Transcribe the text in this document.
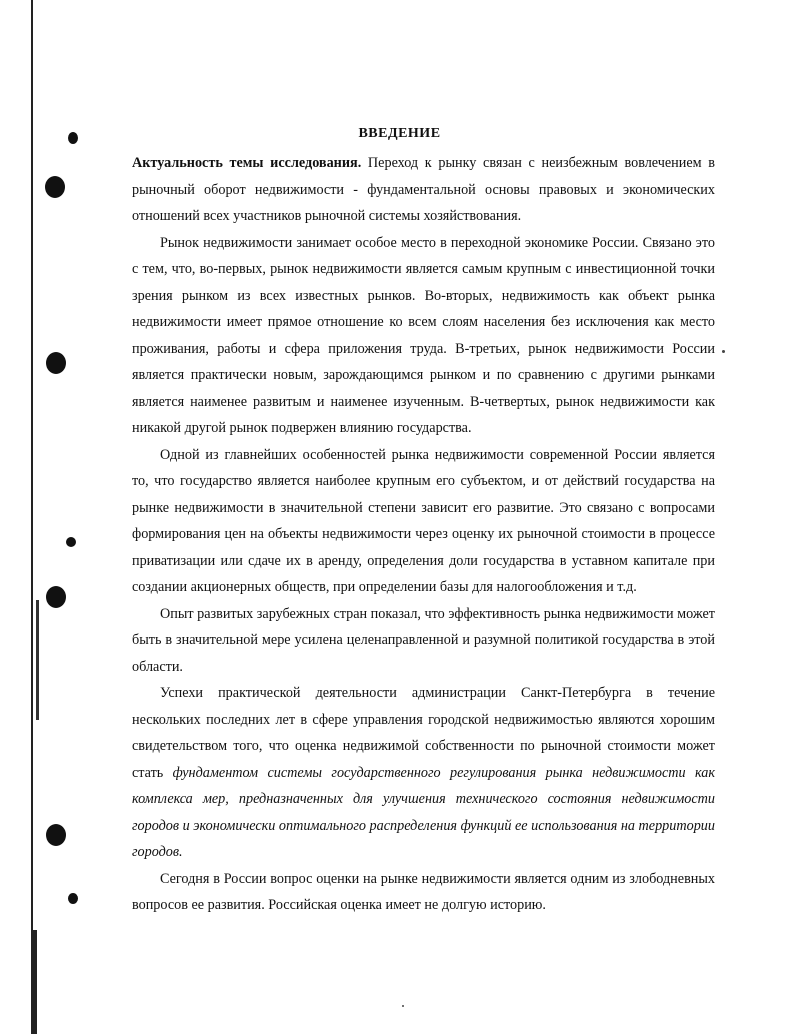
ВВЕДЕНИЕ

Актуальность темы исследования. Переход к рынку связан с неизбежным вовлечением в рыночный оборот недвижимости - фундаментальной основы правовых и экономических отношений всех участников рыночной системы хозяйствования.

Рынок недвижимости занимает особое место в переходной экономике России. Связано это с тем, что, во-первых, рынок недвижимости является самым крупным с инвестиционной точки зрения рынком из всех известных рынков. Во-вторых, недвижимость как объект рынка недвижимости имеет прямое отношение ко всем слоям населения без исключения как место проживания, работы и сфера приложения труда. В-третьих, рынок недвижимости России является практически новым, зарождающимся рынком и по сравнению с другими рынками является наименее развитым и наименее изученным. В-четвертых, рынок недвижимости как никакой другой рынок подвержен влиянию государства.

Одной из главнейших особенностей рынка недвижимости современной России является то, что государство является наиболее крупным его субъектом, и от действий государства на рынке недвижимости в значительной степени зависит его развитие. Это связано с вопросами формирования цен на объекты недвижимости через оценку их рыночной стоимости в процессе приватизации или сдаче их в аренду, определения доли государства в уставном капитале при создании акционерных обществ, при определении базы для налогообложения и т.д.

Опыт развитых зарубежных стран показал, что эффективность рынка недвижимости может быть в значительной мере усилена целенаправленной и разумной политикой государства в этой области.

Успехи практической деятельности администрации Санкт-Петербурга в течение нескольких последних лет в сфере управления городской недвижимостью являются хорошим свидетельством того, что оценка недвижимой собственности по рыночной стоимости может стать фундаментом системы государственного регулирования рынка недвижимости как комплекса мер, предназначенных для улучшения технического состояния недвижимости городов и экономически оптимального распределения функций ее использования на территории городов.

Сегодня в России вопрос оценки на рынке недвижимости является одним из злободневных вопросов ее развития. Российская оценка имеет не долгую историю.
